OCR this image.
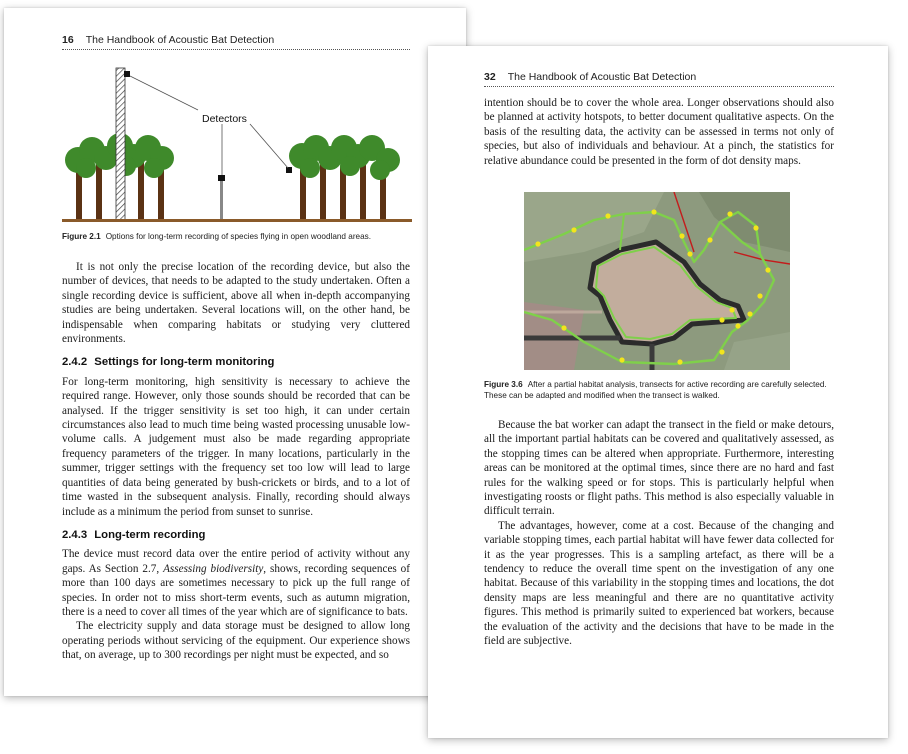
16 The Handbook of Acoustic Bat Detection
Detectors
Figure 2.1 Options for long-term recording of species flying in open woodland areas.

It is not only the precise location of the recording device, but also the number of devices, that needs to be adapted to the study undertaken. Often a single recording device is sufficient, above all when in-depth accompanying studies are being undertaken. Several locations will, on the other hand, be indispensable when comparing habitats or studying very cluttered environments.

2.4.2 Settings for long-term monitoring

For long-term monitoring, high sensitivity is necessary to achieve the required range. However, only those sounds should be recorded that can be analysed. If the trigger sensitivity is set too high, it can under certain circumstances also lead to much time being wasted processing unusable low-volume calls. A judgement must also be made regarding appropriate frequency parameters of the trigger. In many locations, particularly in the summer, trigger settings with the frequency set too low will lead to large quantities of data being generated by bush-crickets or birds, and to a lot of time wasted in the subsequent analysis. Finally, recording should always include as a minimum the period from sunset to sunrise.

2.4.3 Long-term recording

The device must record data over the entire period of activity without any gaps. As Section 2.7, Assessing biodiversity, shows, recording sequences of more than 100 days are sometimes necessary to pick up the full range of species. In order not to miss short-term events, such as autumn migration, there is a need to cover all times of the year which are of significance to bats.

The electricity supply and data storage must be designed to allow long operating periods without servicing of the equipment. Our experience shows that, on average, up to 300 recordings per night must be expected, and so

32 The Handbook of Acoustic Bat Detection

intention should be to cover the whole area. Longer observations should also be planned at activity hotspots, to better document qualitative aspects. On the basis of the resulting data, the activity can be assessed in terms not only of species, but also of individuals and behaviour. At a pinch, the statistics for relative abundance could be presented in the form of dot density maps.

Figure 3.6 After a partial habitat analysis, transects for active recording are carefully selected. These can be adapted and modified when the transect is walked.

Because the bat worker can adapt the transect in the field or make detours, all the important partial habitats can be covered and qualitatively assessed, as the stopping times can be altered when appropriate. Furthermore, interesting areas can be monitored at the optimal times, since there are no hard and fast rules for the walking speed or for stops. This is particularly helpful when investigating roosts or flight paths. This method is also especially valuable in difficult terrain.

The advantages, however, come at a cost. Because of the changing and variable stopping times, each partial habitat will have fewer data collected for it as the year progresses. This is a sampling artefact, as there will be a tendency to reduce the overall time spent on the investigation of any one habitat. Because of this variability in the stopping times and locations, the dot density maps are less meaningful and there are no quantitative activity figures. This method is primarily suited to experienced bat workers, because the evaluation of the activity and the decisions that have to be made in the field are subjective.
